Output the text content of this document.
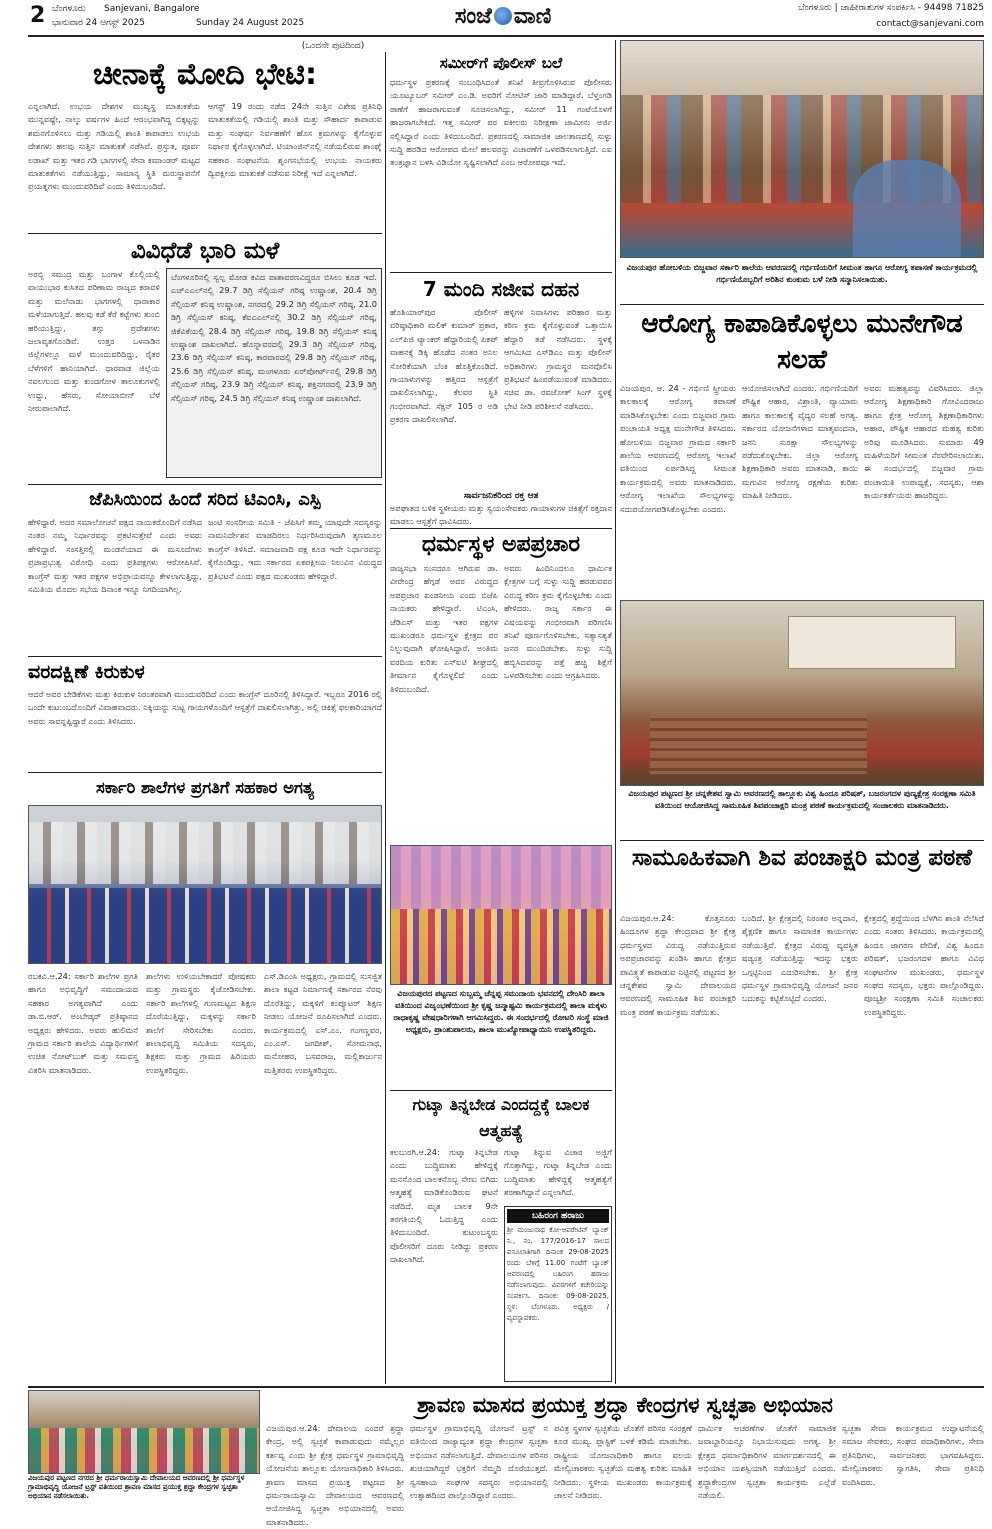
2 ಬೆಂಗಳೂರು Sanjevani, Bangalore
ಭಾನುವಾರ 24 ಆಗಸ್ಟ್ 2025	Sunday 24 August 2025	ಸಂಜೆ ವಾಣಿ	ಬೆಂಗಳೂರು | ಜಾಹೀರಾತುಗಳ ಸಂಪರ್ಕಿಸಿ - 94498 71825
contact@sanjevani.com
(ಒಂದನೇ ಪುಟದಿಂದ)
ಚೀನಾಕ್ಕೆ ಮೋದಿ ಭೇಟಿ:
ಎನ್ನಲಾಗಿದೆ. ಉಭಯ ದೇಶಗಳ ಮುಖ್ಯಸ್ಥ ಮಾತುಕತೆಯ ಮುನ್ನವಷ್ಟೇ, ನಾಲ್ಕು ವರ್ಷಗಳ ಹಿಂದೆ ಆರಂಭವಾಗಿದ್ದ ಬಿಕ್ಕಟ್ಟನ್ನು ಶಮನಗೊಳಿಸಲು ಮತ್ತು ಗಡಿಯಲ್ಲಿ ಶಾಂತಿ ಕಾಪಾಡಲು ಉಭಯ ದೇಶಗಳು ಹಲವು ಸುತ್ತಿನ ಮಾತುಕತೆ ನಡೆಸಿವೆ. ಪ್ರಸ್ತುತ, ಪೂರ್ವ ಲಡಾಖ್ ಮತ್ತು ಇತರ ಗಡಿ ಭಾಗಗಳಲ್ಲಿ ಸೇನಾ ಕಮಾಂಡರ್ ಮಟ್ಟದ ಮಾತುಕತೆಗಳು ನಡೆಯುತ್ತಿದ್ದು, ಸಾಮಾನ್ಯ ಸ್ಥಿತಿ ಮರುಸ್ಥಾಪನೆಗೆ ಪ್ರಯತ್ನಗಳು ಮುಂದುವರಿದಿವೆ ಎಂದು ತಿಳಿದುಬಂದಿದೆ.
ಆಗಸ್ಟ್ 19 ರಂದು ನಡೆದ 24ನೇ ಸುತ್ತಿನ ವಿಶೇಷ ಪ್ರತಿನಿಧಿ ಮಾತುಕತೆಯಲ್ಲಿ ಗಡಿಯಲ್ಲಿ ಶಾಂತಿ ಮತ್ತು ಸೌಹಾರ್ದ ಕಾಪಾಡುವ ಮತ್ತು ಸಂಘರ್ಷ ನಿರ್ವಹಣೆಗೆ ಹೊಸ ಕ್ರಮಗಳನ್ನು ಕೈಗೊಳ್ಳುವ ನಿರ್ಧಾರ ಕೈಗೊಳ್ಳಲಾಗಿದೆ. ಟಿಯಾಂಜಿನ್‌ನಲ್ಲಿ ನಡೆಯಲಿರುವ ಶಾಂಘೈ ಸಹಕಾರ ಸಂಘಟನೆಯ ಶೃಂಗಸಭೆಯಲ್ಲಿ ಉಭಯ ನಾಯಕರು ದ್ವಿಪಕ್ಷೀಯ ಮಾತುಕತೆ ನಡೆಸುವ ನಿರೀಕ್ಷೆ ಇದೆ ಎನ್ನಲಾಗಿದೆ.
ವಿವಿಧೆಡೆ ಭಾರಿ ಮಳೆ
ಅರಬ್ಬಿ ಸಮುದ್ರ ಮತ್ತು ಬಂಗಾಳ ಕೊಲ್ಲಿಯಲ್ಲಿ ವಾಯುಭಾರ ಕುಸಿತದ ಪರಿಣಾಮ ರಾಜ್ಯದ ಕರಾವಳಿ ಮತ್ತು ಮಲೆನಾಡು ಭಾಗಗಳಲ್ಲಿ ಧಾರಾಕಾರ ಮಳೆಯಾಗುತ್ತಿದೆ. ಹಲವು ಕಡೆ ಕೆರೆ ಕಟ್ಟೆಗಳು ತುಂಬಿ ಹರಿಯುತ್ತಿದ್ದು, ತಗ್ಗು ಪ್ರದೇಶಗಳು ಜಲಾವೃತಗೊಂಡಿವೆ. ಉತ್ತರ ಒಳನಾಡಿನ ಜಿಲ್ಲೆಗಳಲ್ಲೂ ಮಳೆ ಮುಂದುವರಿದಿದ್ದು, ರೈತರ ಬೆಳೆಗಳಿಗೆ ಹಾನಿಯಾಗಿದೆ. ಧಾರವಾಡ ಜಿಲ್ಲೆಯ ನವಲಗುಂದ ಮತ್ತು ಕುಂದಗೋಳ ತಾಲೂಕುಗಳಲ್ಲಿ ಉದ್ದು, ಹೆಸರು, ಸೋಯಾಬೀನ್ ಬೆಳೆ ನೀರುಪಾಲಾಗಿದೆ.
ಬೆಂಗಳೂರಿನಲ್ಲಿ ಸ್ವಲ್ಪ ಮೋಡ ಕವಿದ ವಾತಾವರಣವಿದ್ದರೂ ಬಿಸಿಲು ಕೂಡ ಇದೆ. ಎಚ್‌ಎಎಲ್‌ನಲ್ಲಿ 29.7 ಡಿಗ್ರಿ ಸೆಲ್ಸಿಯಸ್ ಗರಿಷ್ಠ ಉಷ್ಣಾಂಶ, 20.4 ಡಿಗ್ರಿ ಸೆಲ್ಸಿಯಸ್ ಕನಿಷ್ಠ ಉಷ್ಣಾಂಶ, ನಗರದಲ್ಲಿ 29.2 ಡಿಗ್ರಿ ಸೆಲ್ಸಿಯಸ್ ಗರಿಷ್ಠ, 21.0 ಡಿಗ್ರಿ ಸೆಲ್ಸಿಯಸ್ ಕನಿಷ್ಠ, ಕೆಐಎಎಲ್‌ನಲ್ಲಿ 30.2 ಡಿಗ್ರಿ ಸೆಲ್ಸಿಯಸ್ ಗರಿಷ್ಠ, ಜಿಕೆವಿಕೆಯಲ್ಲಿ 28.4 ಡಿಗ್ರಿ ಸೆಲ್ಸಿಯಸ್ ಗರಿಷ್ಠ, 19.8 ಡಿಗ್ರಿ ಸೆಲ್ಸಿಯಸ್ ಕನಿಷ್ಠ ಉಷ್ಣಾಂಶ ದಾಖಲಾಗಿದೆ. ಹೊನ್ನಾವರದಲ್ಲಿ 29.3 ಡಿಗ್ರಿ ಸೆಲ್ಸಿಯಸ್ ಗರಿಷ್ಠ, 23.6 ಡಿಗ್ರಿ ಸೆಲ್ಸಿಯಸ್ ಕನಿಷ್ಠ, ಕಾರವಾರದಲ್ಲಿ 29.8 ಡಿಗ್ರಿ ಸೆಲ್ಸಿಯಸ್ ಗರಿಷ್ಠ, 25.6 ಡಿಗ್ರಿ ಸೆಲ್ಸಿಯಸ್ ಕನಿಷ್ಠ, ಮಂಗಳೂರು ಏರ್‌ಪೋರ್ಟ್‌ನಲ್ಲಿ 29.8 ಡಿಗ್ರಿ ಸೆಲ್ಸಿಯಸ್ ಗರಿಷ್ಠ, 23.9 ಡಿಗ್ರಿ ಸೆಲ್ಸಿಯಸ್ ಕನಿಷ್ಠ, ಶಕ್ತಿನಗರದಲ್ಲಿ 23.9 ಡಿಗ್ರಿ ಸೆಲ್ಸಿಯಸ್ ಗರಿಷ್ಠ, 24.5 ಡಿಗ್ರಿ ಸೆಲ್ಸಿಯಸ್ ಕನಿಷ್ಠ ಉಷ್ಣಾಂಶ ದಾಖಲಾಗಿದೆ.
ಜೆಪಿಸಿಯಿಂದ ಹಿಂದೆ ಸರಿದ ಟಿಎಂಸಿ, ಎಸ್ಪಿ
ಹೇಳಿದ್ದಾರೆ. ಅದರ ಸಮಾಲೋಚನೆ ಪಕ್ಷದ ನಾಯಕರೊಂದಿಗೆ ನಡೆಸಿದ ನಂತರ ನಮ್ಮ ನಿರ್ಧಾರವನ್ನು ಪ್ರಕಟಿಸುತ್ತೇವೆ ಎಂದು ಅವರು ಹೇಳಿದ್ದಾರೆ. ಸಂಸತ್ತಿನಲ್ಲಿ ಮಂಡನೆಯಾದ ಈ ಮಸೂದೆಗಳು ಪ್ರಜಾಪ್ರಭುತ್ವ ವಿರೋಧಿ ಎಂದು ಪ್ರತಿಪಕ್ಷಗಳು ಆರೋಪಿಸಿವೆ. ಕಾಂಗ್ರೆಸ್ ಮತ್ತು ಇತರ ಪಕ್ಷಗಳ ಅಭಿಪ್ರಾಯವನ್ನೂ ಕೇಳಲಾಗುತ್ತಿದ್ದು, ಸಮಿತಿಯ ಮೊದಲ ಸಭೆಯ ದಿನಾಂಕ ಇನ್ನೂ ನಿಗದಿಯಾಗಿಲ್ಲ.
ಜಂಟಿ ಸಂಸದೀಯ ಸಮಿತಿ - ಜೆಪಿಸಿಗೆ ತಮ್ಮ ಯಾವುದೇ ಸದಸ್ಯರನ್ನು ನಾಮನಿರ್ದೇಶನ ಮಾಡದಿರಲು ನಿರ್ಧರಿಸಿರುವುದಾಗಿ ತೃಣಮೂಲ ಕಾಂಗ್ರೆಸ್ ತಿಳಿಸಿದೆ. ಸಮಾಜವಾದಿ ಪಕ್ಷ ಕೂಡ ಇದೇ ನಿರ್ಧಾರವನ್ನು ಕೈಗೊಂಡಿದ್ದು, ಇದು ಸರ್ಕಾರದ ಏಕಪಕ್ಷೀಯ ನಿಲುವಿನ ವಿರುದ್ಧದ ಪ್ರತಿಭಟನೆ ಎಂದು ಪಕ್ಷದ ಮುಖಂಡರು ಹೇಳಿದ್ದಾರೆ.
ವರದಕ್ಷಿಣೆ ಕಿರುಕುಳ
ಆದರೆ ಅವರ ಬೇಡಿಕೆಗಳು ಮತ್ತು ಕಿರುಕುಳ ನಿರಂತರವಾಗಿ ಮುಂದುವರಿದಿದೆ ಎಂದು ಕಾಂಗ್ರೆಸ್ ದೂರಿನಲ್ಲಿ ತಿಳಿಸಿದ್ದಾರೆ. ಇಬ್ಬರೂ 2016 ರಲ್ಲಿ ಒಂದೇ ಕುಟುಂಬದೊಂದಿಗೆ ವಿವಾಹವಾದರು. ನಿಕ್ಕಿಯನ್ನು ಸುಟ್ಟ ಗಾಯಗಳೊಂದಿಗೆ ಆಸ್ಪತ್ರೆಗೆ ದಾಖಲಿಸಲಾಗಿತ್ತು, ಅಲ್ಲಿ ಚಿಕಿತ್ಸೆ ಫಲಕಾರಿಯಾಗದೆ ಅವರು ಸಾವನ್ನಪ್ಪಿದ್ದಾರೆ ಎಂದು ತಿಳಿಸಿದರು.
ಸಮೀರ್‌ಗೆ ಪೊಲೀಸ್ ಬಲೆ
ಧರ್ಮಸ್ಥಳ ಪ್ರಕರಣಕ್ಕೆ ಸಂಬಂಧಿಸಿದಂತೆ ತನಿಖೆ ತೀವ್ರಗೊಳಿಸಿರುವ ಪೊಲೀಸರು ಯೂಟ್ಯೂಬರ್ ಸಮೀರ್ ಎಂ.ಡಿ. ಅವರಿಗೆ ನೋಟಿಸ್ ಜಾರಿ ಮಾಡಿದ್ದಾರೆ. ಬೆಳ್ತಂಗಡಿ ಠಾಣೆಗೆ ಹಾಜರಾಗುವಂತೆ ಸೂಚಿಸಲಾಗಿದ್ದು, ಸಮೀರ್ 11 ಗಂಟೆಯೊಳಗೆ ಹಾಜರಾಗಬೇಕಿದೆ. ಇತ್ತ ಸಮೀರ್ ಪರ ವಕೀಲರು ನಿರೀಕ್ಷಣಾ ಜಾಮೀನು ಅರ್ಜಿ ಸಲ್ಲಿಸಿದ್ದಾರೆ ಎಂದು ತಿಳಿದುಬಂದಿದೆ. ಪ್ರಕರಣದಲ್ಲಿ ಸಾಮಾಜಿಕ ಜಾಲತಾಣದಲ್ಲಿ ಸುಳ್ಳು ಸುದ್ದಿ ಹರಡಿದ ಆರೋಪದ ಮೇಲೆ ಹಲವರನ್ನು ವಿಚಾರಣೆಗೆ ಒಳಪಡಿಸಲಾಗುತ್ತಿದೆ. ಎಐ ತಂತ್ರಜ್ಞಾನ ಬಳಸಿ ವಿಡಿಯೋ ಸೃಷ್ಟಿಸಲಾಗಿದೆ ಎಂಬ ಆರೋಪವೂ ಇದೆ.
7 ಮಂದಿ ಸಜೀವ ದಹನ
ಹೊಶಿಯಾರ್‌ಪುರ ಪೊಲೀಸ್ ವರಿಷ್ಠಾಧಿಕಾರಿ ಮಲಿಕ್ ಕುಮಾರ್ ಪ್ರಕಾರ, ಎಲ್‌ಪಿಜಿ ಟ್ಯಾಂಕರ್ ಹೆದ್ದಾರಿಯಲ್ಲಿ ಪಿಕಪ್ ವಾಹನಕ್ಕೆ ಡಿಕ್ಕಿ ಹೊಡೆದ ನಂತರ ಅನಿಲ ಸೋರಿಕೆಯಾಗಿ ಬೆಂಕಿ ಹೊತ್ತಿಕೊಂಡಿದೆ. ಗಾಯಾಳುಗಳನ್ನು ಹತ್ತಿರದ ಆಸ್ಪತ್ರೆಗೆ ದಾಖಲಿಸಲಾಗಿದ್ದು, ಕೆಲವರ ಸ್ಥಿತಿ ಗಂಭೀರವಾಗಿದೆ. ಸೆಕ್ಷನ್ 105 ರ ಅಡಿ ಪ್ರಕರಣ ದಾಖಲಿಸಲಾಗಿದೆ.
ಹಳ್ಳಿಗಳ ನಿವಾಸಿಗಳು ಪರಿಹಾರ ಮತ್ತು ಕಠಿಣ ಕ್ರಮ ಕೈಗೊಳ್ಳುವಂತೆ ಒತ್ತಾಯಿಸಿ ಹೆದ್ದಾರಿ ತಡೆ ನಡೆಸಿದರು. ಸ್ಥಳಕ್ಕೆ ಆಗಮಿಸಿದ ಎಸ್‌ಡಿಎಂ ಮತ್ತು ಪೊಲೀಸ್ ಅಧಿಕಾರಿಗಳು ಗ್ರಾಮಸ್ಥರ ಮನವೊಲಿಸಿ ಪ್ರತಿಭಟನೆ ಹಿಂಪಡೆಯುವಂತೆ ಮಾಡಿದರು. ಸಚಿವ ಡಾ. ರವಜೋತ್ ಸಿಂಗ್ ಸ್ಥಳಕ್ಕೆ ಭೇಟಿ ನೀಡಿ ಪರಿಶೀಲನೆ ನಡೆಸಿದರು.
ಸಾರ್ವಜನಿಕರಿಂದ ರಕ್ತ ಆತ
ಅಪಘಾತದ ಬಳಿಕ ಸ್ಥಳೀಯರು ಮತ್ತು ಸ್ವಯಂಸೇವಕರು ಗಾಯಾಳುಗಳ ಚಿಕಿತ್ಸೆಗೆ ರಕ್ತದಾನ ಮಾಡಲು ಆಸ್ಪತ್ರೆಗೆ ಧಾವಿಸಿದರು.
ಧರ್ಮಸ್ಥಳ ಅಪಪ್ರಚಾರ
ರಾಜ್ಯಸಭಾ ಸಂಸದರೂ ಆಗಿರುವ ಡಾ. ವೀರೇಂದ್ರ ಹೆಗ್ಗಡೆ ಅವರ ವಿರುದ್ಧದ ಅಪಪ್ರಚಾರ ಖಂಡನೀಯ ಎಂದು ಬಿಜೆಪಿ ನಾಯಕರು ಹೇಳಿದ್ದಾರೆ. ಟಿಎಂಸಿ, ಜೆಡಿಎಸ್ ಮತ್ತು ಇತರ ಪಕ್ಷಗಳ ಮುಖಂಡರೂ ಧರ್ಮಸ್ಥಳ ಕ್ಷೇತ್ರದ ಪರ ನಿಲ್ಲುವುದಾಗಿ ಘೋಷಿಸಿದ್ದಾರೆ. ಅಂತಿಮ ವರದಿಯ ಕುರಿತು ಎಸ್‌ಐಟಿ ಶೀಘ್ರದಲ್ಲಿ ತೀರ್ಮಾನ ಕೈಗೊಳ್ಳಲಿದೆ ಎಂದು ತಿಳಿದುಬಂದಿದೆ.
ಅವರು ಹಿಂದಿನಿಂದಲೂ ಧಾರ್ಮಿಕ ಕ್ಷೇತ್ರಗಳ ಬಗ್ಗೆ ಸುಳ್ಳು ಸುದ್ದಿ ಹರಡುವವರ ವಿರುದ್ಧ ಕಠಿಣ ಕ್ರಮ ಕೈಗೊಳ್ಳಬೇಕು ಎಂದು ಹೇಳಿದರು. ರಾಜ್ಯ ಸರ್ಕಾರ ಈ ವಿಷಯವನ್ನು ಗಂಭೀರವಾಗಿ ಪರಿಗಣಿಸಿ ತನಿಖೆ ಪೂರ್ಣಗೊಳಿಸಬೇಕು, ಸತ್ಯಾಸತ್ಯತೆ ಜನರ ಮುಂದಿಡಬೇಕು. ಸುಳ್ಳು ಸುದ್ದಿ ಹಬ್ಬಿಸಿದವರನ್ನು ಪತ್ತೆ ಹಚ್ಚಿ ಶಿಕ್ಷೆಗೆ ಒಳಪಡಿಸಬೇಕು ಎಂದು ಆಗ್ರಹಿಸಿದರು.
ವಿಜಯಪುರದ ಪಟ್ಟಣದ ಸುಬ್ಬಮ್ಮ ಚೆನ್ನಪ್ಪ ಸಮುದಾಯ ಭವನದಲ್ಲಿ ದೇಂಸಿರಿ ಶಾಲಾ ವತಿಯಿಂದ ವಿಜೃಂಭಣೆಯಿಂದ ಶ್ರೀ ಕೃಷ್ಣ ಜನ್ಮಾಷ್ಟಮಿ ಕಾರ್ಯಕ್ರಮದಲ್ಲಿ ಶಾಲಾ ಮಕ್ಕಳು ರಾಧಾಕೃಷ್ಣ ವೇಷಧಾರಿಗಳಾಗಿ ಆಗಮಿಸಿದ್ದರು. ಈ ಸಂದರ್ಭದಲ್ಲಿ ರೋಟರಿ ಸಂಸ್ಥೆ ಮಾಜಿ ಅಧ್ಯಕ್ಷರು, ಪ್ರಾಂಶುಪಾಲರು, ಶಾಲಾ ಮುಖ್ಯೋಪಾಧ್ಯಾಯಿನಿ ಉಪಸ್ಥಿತರಿದ್ದರು.
ಸರ್ಕಾರಿ ಶಾಲೆಗಳ ಪ್ರಗತಿಗೆ ಸಹಕಾರ ಅಗತ್ಯ
ರಬಕವಿ.ಆ.24: ಸರ್ಕಾರಿ ಶಾಲೆಗಳ ಪ್ರಗತಿ ಹಾಗೂ ಅಭಿವೃದ್ಧಿಗೆ ಸಮುದಾಯದ ಸಹಕಾರ ಅಗತ್ಯವಾಗಿದೆ ಎಂದು ಡಾ.ಬಿ.ಆರ್. ಅಂಬೇಡ್ಕರ್ ಪ್ರತಿಷ್ಠಾನದ ಅಧ್ಯಕ್ಷರು ಹೇಳಿದರು. ಅವರು ಹುಲಿಮನೆ ಗ್ರಾಮದ ಸರ್ಕಾರಿ ಶಾಲೆಯ ವಿದ್ಯಾರ್ಥಿಗಳಿಗೆ ಉಚಿತ ನೋಟ್‌ಬುಕ್ ಮತ್ತು ಸಮವಸ್ತ್ರ ವಿತರಿಸಿ ಮಾತನಾಡಿದರು.
ಶಾಲೆಗಳು ಉಳಿಯಬೇಕಾದರೆ ಪೋಷಕರು ಮತ್ತು ಗ್ರಾಮಸ್ಥರು ಕೈಜೋಡಿಸಬೇಕು. ಸರ್ಕಾರಿ ಶಾಲೆಗಳಲ್ಲಿ ಗುಣಮಟ್ಟದ ಶಿಕ್ಷಣ ದೊರೆಯುತ್ತಿದ್ದು, ಮಕ್ಕಳನ್ನು ಸರ್ಕಾರಿ ಶಾಲೆಗೆ ಸೇರಿಸಬೇಕು ಎಂದರು. ಶಾಲಾಭಿವೃದ್ಧಿ ಸಮಿತಿಯ ಸದಸ್ಯರು, ಶಿಕ್ಷಕರು ಮತ್ತು ಗ್ರಾಮದ ಹಿರಿಯರು ಉಪಸ್ಥಿತರಿದ್ದರು.
ಎಸ್.ಡಿಎಂಸಿ ಅಧ್ಯಕ್ಷರು, ಗ್ರಾಮದಲ್ಲಿ ಸುಸಜ್ಜಿತ ಶಾಲಾ ಕಟ್ಟಡ ನಿರ್ಮಾಣಕ್ಕೆ ಸರ್ಕಾರದ ನೆರವು ದೊರೆತಿದ್ದು, ಮಕ್ಕಳಿಗೆ ಕಂಪ್ಯೂಟರ್ ಶಿಕ್ಷಣ ನೀಡಲು ಯೋಜನೆ ರೂಪಿಸಲಾಗಿದೆ ಎಂದರು. ಕಾರ್ಯಕ್ರಮದಲ್ಲಿ ಎಸ್.ಎಂ. ಗಂಗಣ್ಣವರ, ಎಂ.ಎಸ್. ಜಗದೀಶ್, ಸೋಮನಾಥ, ಮನೋಹರ, ಬಸವರಾಜ, ಮಲ್ಲಿಕಾರ್ಜುನ ಮತ್ತಿತರರು ಉಪಸ್ಥಿತರಿದ್ದರು.
ಗುಟ್ಕಾ ತಿನ್ನಬೇಡ ಎಂದದ್ದಕ್ಕೆ ಬಾಲಕ ಆತ್ಮಹತ್ಯೆ
ಕಲಬುರಗಿ.ಆ.24: ಗುಟ್ಕಾ ತಿನ್ನಬೇಡ ಎಂದು ಬುದ್ಧಿಮಾತು ಹೇಳಿದ್ದಕ್ಕೆ ಮನನೊಂದ ಬಾಲಕನೊಬ್ಬ ನೇಣು ಬಿಗಿದು ಆತ್ಮಹತ್ಯೆ ಮಾಡಿಕೊಂಡಿರುವ ಘಟನೆ ನಡೆದಿದೆ. ಮೃತ ಬಾಲಕ 9ನೇ ತರಗತಿಯಲ್ಲಿ ಓದುತ್ತಿದ್ದ ಎಂದು ತಿಳಿದುಬಂದಿದೆ. ಕುಟುಂಬಸ್ಥರು ಪೊಲೀಸರಿಗೆ ದೂರು ನೀಡಿದ್ದು ಪ್ರಕರಣ ದಾಖಲಾಗಿದೆ.
ಗುಟ್ಕಾ ತಿನ್ನುವ ವಿಚಾರ ಅಜ್ಜಿಗೆ ಗೊತ್ತಾಗಿದ್ದು, ಗುಟ್ಕಾ ತಿನ್ನಬೇಡ ಎಂದು ಬುದ್ಧಿಮಾತು ಹೇಳಿದ್ದಕ್ಕೆ ಆತ್ಮಹತ್ಯೆಗೆ ಶರಣಾಗಿದ್ದಾನೆ ಎನ್ನಲಾಗಿದೆ.
ಬಹಿರಂಗ ಹರಾಜು
ಶ್ರೀ ಮಂಜುನಾಥ ಕೋ-ಆಪರೇಟಿವ್ ಬ್ಯಾಂಕ್ ನಿ., ನಂ. 177/2016-17 ಸಾಲದ ವಸೂಲಾತಿಗಾಗಿ ದಿನಾಂಕ 29-08-2025 ರಂದು ಬೆಳಿಗ್ಗೆ 11.00 ಗಂಟೆಗೆ ಬ್ಯಾಂಕ್ ಆವರಣದಲ್ಲಿ ಬಹಿರಂಗ ಹರಾಜು ನಡೆಸಲಾಗುವುದು. ವಿವರಗಳಿಗೆ ಕಚೇರಿಯನ್ನು ಸಂಪರ್ಕಿಸಿ. ದಿನಾಂಕ: 09-08-2025, ಸ್ಥಳ: ಬೆಂಗಳೂರು. ಅಧ್ಯಕ್ಷರು / ವ್ಯವಸ್ಥಾಪಕರು.
ವಿಜಯಪುರ ಹೋಬಳಿಯ ಬಿಜ್ಜವಾರ ಸರ್ಕಾರಿ ಶಾಲೆಯ ಆವರಣದಲ್ಲಿ ಗರ್ಭಿಣಿಯರಿಗೆ ಸೀಮಂತ ಹಾಗೂ ಆರೋಗ್ಯ ತಪಾಸಣೆ ಕಾರ್ಯಕ್ರಮದಲ್ಲಿ ಗರ್ಭಿಣಿಯೊಬ್ಬರಿಗೆ ಅರಿಶಿನ ಕುಂಕುಮ ಬಳೆ ನೀಡಿ ಸನ್ಮಾನಿಸಲಾಯಿತು.
ಆರೋಗ್ಯ ಕಾಪಾಡಿಕೊಳ್ಳಲು ಮುನೇಗೌಡ ಸಲಹೆ
ವಿಜಯಪುರ, ಆ. 24 - ಗರ್ಭಿಣಿ ಸ್ತ್ರೀಯರು ಕಾಲಕಾಲಕ್ಕೆ ಆರೋಗ್ಯ ತಪಾಸಣೆ ಮಾಡಿಸಿಕೊಳ್ಳಬೇಕು ಎಂದು ಬಿಜ್ಜವಾರ ಗ್ರಾಮ ಪಂಚಾಯತಿ ಅಧ್ಯಕ್ಷ ಮುನೇಗೌಡ ತಿಳಿಸಿದರು. ಹೋಬಳಿಯ ಬಿಜ್ಜವಾರ ಗ್ರಾಮದ ಸರ್ಕಾರಿ ಶಾಲೆಯ ಆವರಣದಲ್ಲಿ ಆರೋಗ್ಯ ಇಲಾಖೆ ವತಿಯಿಂದ ಏರ್ಪಡಿಸಿದ್ದ ಸೀಮಂತ ಕಾರ್ಯಕ್ರಮದಲ್ಲಿ ಅವರು ಮಾತನಾಡಿದರು. ಆರೋಗ್ಯ ಇಲಾಖೆಯ ಸೌಲಭ್ಯಗಳನ್ನು ಸದುಪಯೋಗಪಡಿಸಿಕೊಳ್ಳಬೇಕು ಎಂದರು.
ಆಯೋಜಿಸಲಾಗಿದೆ ಎಂದರು. ಗರ್ಭಿಣಿಯರಿಗೆ ಪೌಷ್ಟಿಕ ಆಹಾರ, ವಿಶ್ರಾಂತಿ, ವ್ಯಾಯಾಮ ಹಾಗೂ ಕಾಲಕಾಲಕ್ಕೆ ವೈದ್ಯರ ಸಲಹೆ ಅಗತ್ಯ. ಸರ್ಕಾರದ ಯೋಜನೆಗಳಾದ ಮಾತೃವಂದನಾ, ಜನನಿ ಸುರಕ್ಷಾ ಸೌಲಭ್ಯಗಳನ್ನು ಪಡೆದುಕೊಳ್ಳಬೇಕು. ಜಿಲ್ಲಾ ಆರೋಗ್ಯ ಶಿಕ್ಷಣಾಧಿಕಾರಿ ಅವರು ಮಾತನಾಡಿ, ತಾಯಿ ಮಗುವಿನ ಆರೋಗ್ಯ ರಕ್ಷಣೆಯ ಕುರಿತು ಮಾಹಿತಿ ನೀಡಿದರು.
ಅವರು ಮಹತ್ವವನ್ನು ವಿವರಿಸಿದರು. ಜಿಲ್ಲಾ ಆರೋಗ್ಯ ಶಿಕ್ಷಣಾಧಿಕಾರಿ ಗೋವಿಂದರಾಜು ಹಾಗೂ ಕ್ಷೇತ್ರ ಆರೋಗ್ಯ ಶಿಕ್ಷಣಾಧಿಕಾರಿಗಳು ಆಹಾರ, ಪೌಷ್ಟಿಕ ಆಹಾರದ ಮಹತ್ವ ಕುರಿತು ಅರಿವು ಮೂಡಿಸಿದರು. ಸುಮಾರು 49 ಮಹಿಳೆಯರಿಗೆ ಸೀಮಂತ ನೆರವೇರಿಸಲಾಯಿತು. ಈ ಸಂದರ್ಭದಲ್ಲಿ ಬಿಜ್ಜವಾರ ಗ್ರಾಮ ಪಂಚಾಯಿತಿ ಉಪಾಧ್ಯಕ್ಷೆ, ಸದಸ್ಯರು, ಆಶಾ ಕಾರ್ಯಕರ್ತೆಯರು ಹಾಜರಿದ್ದರು.
ವಿಜಯಪುರ ಪಟ್ಟಣದ ಶ್ರೀ ಚನ್ನಕೇಶವ ಸ್ವಾಮಿ ಆವರಣದಲ್ಲಿ ತಾಲ್ಲೂಕು ವಿಶ್ವ ಹಿಂದೂ ಪರಿಷತ್, ಬಜರಂಗದಳ ಪುಣ್ಯಕ್ಷೇತ್ರ ಸಂರಕ್ಷಣಾ ಸಮಿತಿ ವತಿಯಿಂದ ಆಯೋಜಿಸಿದ್ದ ಸಾಮೂಹಿಕ ಶಿವಪಂಚಾಕ್ಷರಿ ಮಂತ್ರ ಪಠಣೆ ಕಾರ್ಯಕ್ರಮದಲ್ಲಿ ಸಂಚಾಲಕರು ಮಾತನಾಡಿದರು.
ಸಾಮೂಹಿಕವಾಗಿ ಶಿವ ಪಂಚಾಕ್ಷರಿ ಮಂತ್ರ ಪಠಣೆ
ವಿಜಯಪುರ.ಆ.24: ಕೊತ್ತನೂರು ಹಿಂದೂಗಳ ಶ್ರದ್ಧಾ ಕೇಂದ್ರವಾದ ಶ್ರೀ ಕ್ಷೇತ್ರ ಧರ್ಮಸ್ಥಳದ ವಿರುದ್ಧ ನಡೆಯುತ್ತಿರುವ ಅಪಪ್ರಚಾರವನ್ನು ಖಂಡಿಸಿ ಹಾಗೂ ಕ್ಷೇತ್ರದ ಪಾವಿತ್ರ್ಯತೆ ಕಾಪಾಡುವ ನಿಟ್ಟಿನಲ್ಲಿ ಪಟ್ಟಣದ ಶ್ರೀ ಚನ್ನಕೇಶವ ಸ್ವಾಮಿ ದೇವಾಲಯದ ಆವರಣದಲ್ಲಿ ಸಾಮೂಹಿಕ ಶಿವ ಪಂಚಾಕ್ಷರಿ ಮಂತ್ರ ಪಠಣೆ ಕಾರ್ಯಕ್ರಮ ನಡೆಯಿತು.
ಬಂದಿದೆ. ಶ್ರೀ ಕ್ಷೇತ್ರದಲ್ಲಿ ನಿರಂತರ ಅನ್ನದಾನ, ಶೈಕ್ಷಣಿಕ ಹಾಗೂ ಸಾಮಾಜಿಕ ಕಾರ್ಯಗಳು ನಡೆಯುತ್ತಿವೆ. ಕ್ಷೇತ್ರದ ವಿರುದ್ಧ ವ್ಯವಸ್ಥಿತ ಷಡ್ಯಂತ್ರ ನಡೆಯುತ್ತಿದ್ದು ಇದನ್ನು ಭಕ್ತರು ಒಗ್ಗಟ್ಟಿನಿಂದ ಎದುರಿಸಬೇಕು. ಶ್ರೀ ಕ್ಷೇತ್ರ ಧರ್ಮಸ್ಥಳ ಗ್ರಾಮಾಭಿವೃದ್ಧಿ ಯೋಜನೆ ಜನರ ಬದುಕನ್ನು ಕಟ್ಟಿಕೊಟ್ಟಿದೆ ಎಂದರು.
ಕ್ಷೇತ್ರದಲ್ಲಿ ಶ್ರದ್ಧೆಯಿಂದ ಬೆಳಗಿನ ಶಾಂತಿ ನೆಲೆಸಿದೆ ಎಂದು ಸಂತರು ತಿಳಿಸಿದರು. ಕಾರ್ಯಕ್ರಮದಲ್ಲಿ ಹಿಂದೂ ಜಾಗರಣ ವೇದಿಕೆ, ವಿಶ್ವ ಹಿಂದೂ ಪರಿಷತ್, ಭಜರಂಗದಳ ಹಾಗೂ ವಿವಿಧ ಸಂಘಟನೆಗಳ ಮುಖಂಡರು, ಧರ್ಮಸ್ಥಳ ಸಂಘದ ಸದಸ್ಯರು, ಭಕ್ತರು ಪಾಲ್ಗೊಂಡಿದ್ದರು. ಪೂಜ್ಯಶ್ರೀ ಸಂರಕ್ಷಣಾ ಸಮಿತಿ ಸಂಚಾಲಕರು ಉಪಸ್ಥಿತರಿದ್ದರು.
ಶ್ರಾವಣ ಮಾಸದ ಪ್ರಯುಕ್ತ ಶ್ರದ್ಧಾ ಕೇಂದ್ರಗಳ ಸ್ವಚ್ಛತಾ ಅಭಿಯಾನ
ವಿಜಯಪುರ.ಆ.24: ದೇವಾಲಯ ಎಂದರೆ ಶ್ರದ್ಧಾ ಕೇಂದ್ರ, ಅಲ್ಲಿ ಸ್ವಚ್ಛತೆ ಕಾಪಾಡುವುದು ನಮ್ಮೆಲ್ಲರ ಕರ್ತವ್ಯ ಎಂದು ಶ್ರೀ ಕ್ಷೇತ್ರ ಧರ್ಮಸ್ಥಳ ಗ್ರಾಮಾಭಿವೃದ್ಧಿ ಯೋಜನೆಯ ತಾಲ್ಲೂಕು ಯೋಜನಾಧಿಕಾರಿ ತಿಳಿಸಿದರು. ಶ್ರಾವಣ ಮಾಸದ ಪ್ರಯುಕ್ತ ಪಟ್ಟಣದ ಶ್ರೀ ಧರ್ಮರಾಯಸ್ವಾಮಿ ದೇವಾಲಯದ ಆವರಣದಲ್ಲಿ ಆಯೋಜಿಸಿದ್ದ ಸ್ವಚ್ಛತಾ ಅಭಿಯಾನದಲ್ಲಿ ಅವರು ಮಾತನಾಡಿದರು.
ಧರ್ಮಸ್ಥಳ ಗ್ರಾಮಾಭಿವೃದ್ಧಿ ಯೋಜನೆ ಟ್ರಸ್ಟ್ ನ ವತಿಯಿಂದ ರಾಜ್ಯಾದ್ಯಂತ ಶ್ರದ್ಧಾ ಕೇಂದ್ರಗಳ ಸ್ವಚ್ಛತಾ ಅಭಿಯಾನ ನಡೆಸಲಾಗುತ್ತಿದೆ. ದೇವಾಲಯಗಳ ಪರಿಸರ ಶುಚಿಯಾಗಿದ್ದರೆ ಭಕ್ತರಿಗೆ ನೆಮ್ಮದಿ ದೊರೆಯುತ್ತದೆ. ಸ್ವಸಹಾಯ ಸಂಘಗಳ ಸದಸ್ಯರು ಅಭಿಯಾನದಲ್ಲಿ ಉತ್ಸಾಹದಿಂದ ಪಾಲ್ಗೊಂಡಿದ್ದಾರೆ ಎಂದರು.
ಪವಿತ್ರ ಸ್ಥಳಗಳ ಸ್ವಚ್ಛತೆಯ ಜೊತೆಗೆ ಪರಿಸರ ಸಂರಕ್ಷಣೆ ಕೂಡ ಮುಖ್ಯ. ಪ್ಲಾಸ್ಟಿಕ್ ಬಳಕೆ ಕಡಿಮೆ ಮಾಡಬೇಕು. ರಾಷ್ಟ್ರೀಯ ಯೋಜನಾಧಿಕಾರಿ ಹಾಗೂ ವಲಯ ಮೇಲ್ವಿಚಾರಕರು ಸ್ವಚ್ಛತೆಯ ಮಹತ್ವ ಕುರಿತು ಮಾಹಿತಿ ನೀಡಿದರು. ಸ್ಥಳೀಯ ಮುಖಂಡರು ಕಾರ್ಯಕ್ರಮಕ್ಕೆ ಚಾಲನೆ ನೀಡಿದರು.
ಧಾರ್ಮಿಕ ಆಚರಣೆಗಳ ಜೊತೆಗೆ ಸಾಮಾಜಿಕ ಜವಾಬ್ದಾರಿಯನ್ನೂ ನಿಭಾಯಿಸುವುದು ಅಗತ್ಯ. ಶ್ರೀ ಕ್ಷೇತ್ರದ ಧರ್ಮಾಧಿಕಾರಿಗಳ ಮಾರ್ಗದರ್ಶನದಲ್ಲಿ ಈ ಅಭಿಯಾನ ಯಶಸ್ವಿಯಾಗಿ ನಡೆಯುತ್ತಿದೆ ಎಂದರು. ಶ್ರದ್ಧಾಕೇಂದ್ರಗಳ ಸ್ವಚ್ಛತಾ ಕಾರ್ಯಕ್ರಮ ಎಲ್ಲೆಡೆ ನಡೆಯಲಿ.
ಸ್ವಚ್ಛತಾ ಸೇವಾ ಕಾರ್ಯಕ್ರಮದ ಉದ್ಘಾಟನೆಯಲ್ಲಿ ಸಮಾಜ ಸೇವಕರು, ಸಂಘದ ಪದಾಧಿಕಾರಿಗಳು, ಸೇವಾ ಪ್ರತಿನಿಧಿಗಳು, ಸಾರ್ವಜನಿಕರು ಭಾಗವಹಿಸಿದ್ದರು. ಮೇಲ್ವಿಚಾರಕರು ಸ್ವಾಗತಿಸಿ, ಸೇವಾ ಪ್ರತಿನಿಧಿ ವಂದಿಸಿದರು.
ವಿಜಯಪುರ ಪಟ್ಟಣದ ನಗರದ ಶ್ರೀ ಧರ್ಮರಾಯಸ್ವಾಮಿ ದೇವಾಲಯದ ಆವರಣದಲ್ಲಿ ಶ್ರೀ ಧರ್ಮಸ್ಥಳ ಗ್ರಾಮಾಭಿವೃದ್ಧಿ ಯೋಜನೆ ಟ್ರಸ್ಟ್ ವತಿಯಿಂದ ಶ್ರಾವಣ ಮಾಸದ ಪ್ರಯುಕ್ತ ಶ್ರದ್ಧಾ ಕೇಂದ್ರಗಳ ಸ್ವಚ್ಛತಾ ಅಭಿಯಾನ ನಡೆಸಲಾಯಿತು.
